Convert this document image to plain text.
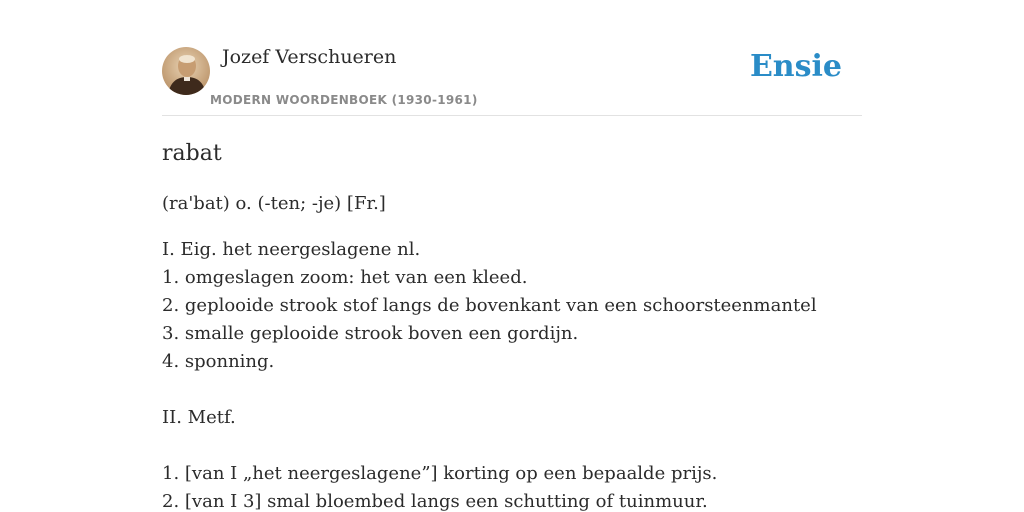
Jozef Verschueren
MODERN WOORDENBOEK (1930-1961)
Ensie
rabat

(ra'bat) o. (-ten; -je) [Fr.]

I. Eig. het neergeslagene nl.
1. omgeslagen zoom: het van een kleed.
2. geplooide strook stof langs de bovenkant van een schoorsteenmantel
3. smalle geplooide strook boven een gordijn.
4. sponning.
II. Metf.
1. [van I „het neergeslagene”] korting op een bepaalde prijs.
2. [van I 3] smal bloembed langs een schutting of tuinmuur.
